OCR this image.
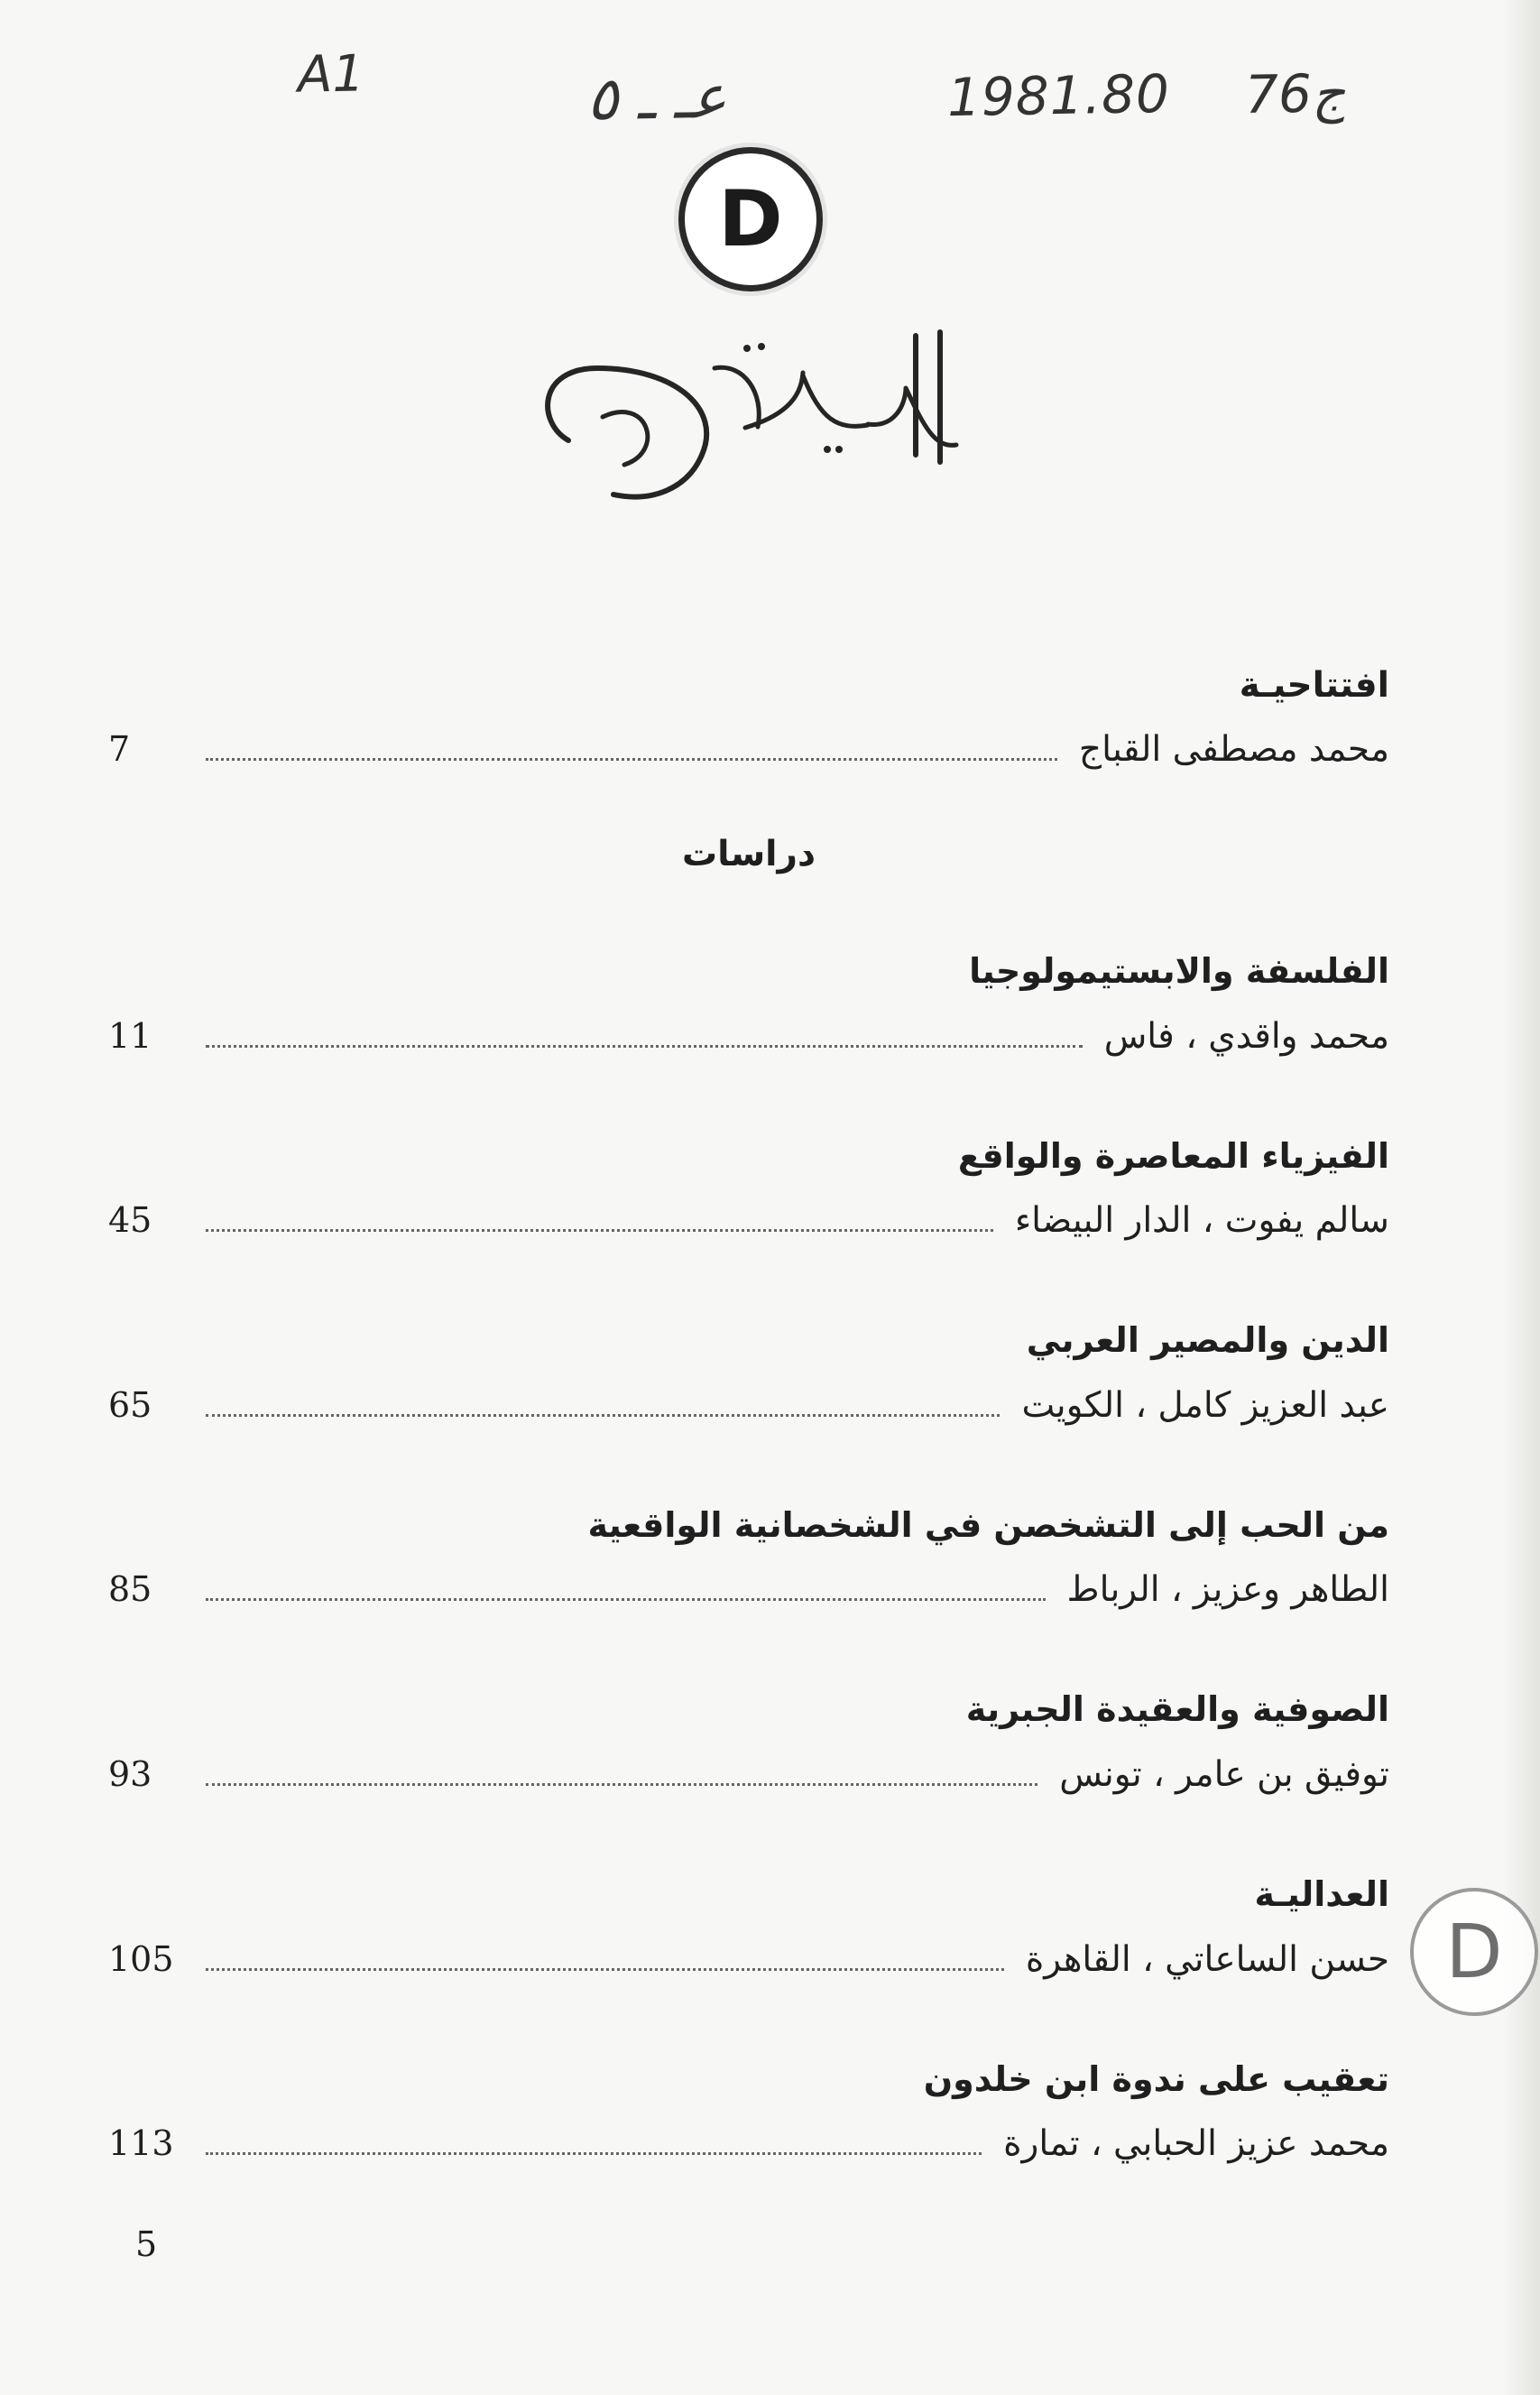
A1	عـ ـ ٥	1981.80 76ج
D
افتتاحيـة
محمد مصطفى القباج
7
دراسات
الفلسفة والابستيمولوجيا
محمد واقدي ، فاس
11
الفيزياء المعاصرة والواقع
سالم يفوت ، الدار البيضاء
45
الدين والمصير العربي
عبد العزيز كامل ، الكويت
65
من الحب إلى التشخصن في الشخصانية الواقعية
الطاهر وعزيز ، الرباط
85
الصوفية والعقيدة الجبرية
توفيق بن عامر ، تونس
93
العداليـة
حسن الساعاتي ، القاهرة
105
تعقيب على ندوة ابن خلدون
محمد عزيز الحبابي ، تمارة
113
D
5
